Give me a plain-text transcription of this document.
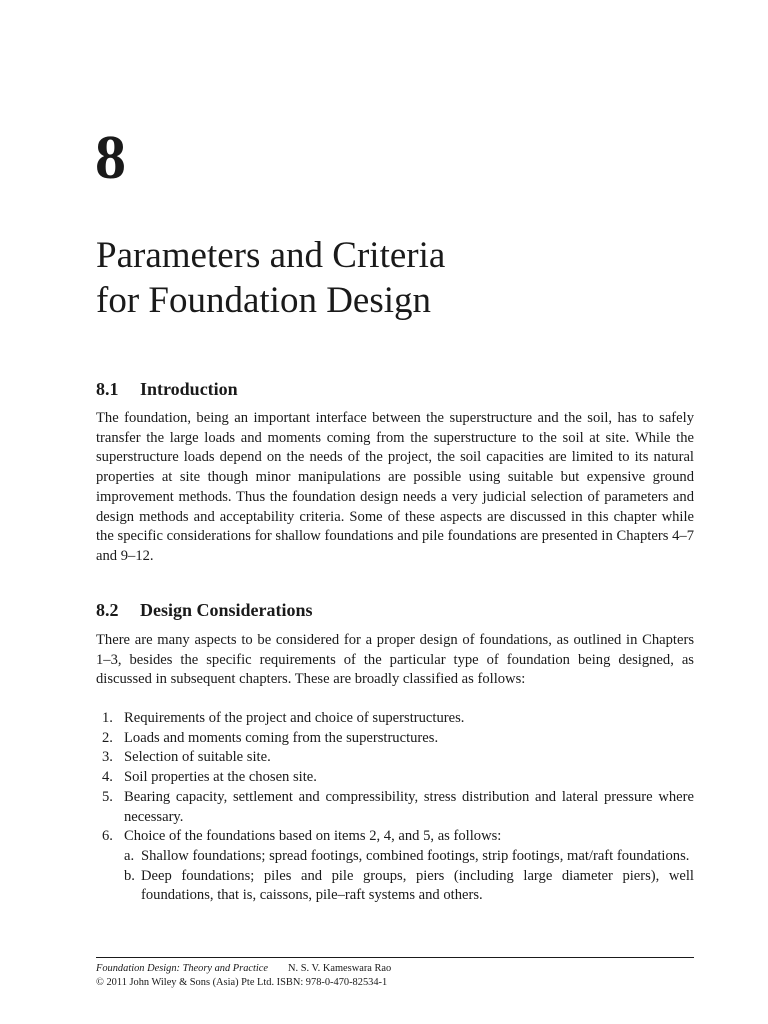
8
Parameters and Criteria
for Foundation Design
8.1 Introduction

The foundation, being an important interface between the superstructure and the soil, has to safely transfer the large loads and moments coming from the superstructure to the soil at site. While the superstructure loads depend on the needs of the project, the soil capacities are limited to its natural properties at site though minor manipulations are possible using suitable but expensive ground improvement methods. Thus the foundation design needs a very judicial selection of parameters and design methods and acceptability criteria. Some of these aspects are discussed in this chapter while the specific considerations for shallow foundations and pile foundations are presented in Chapters 4–7 and 9–12.

8.2 Design Considerations

There are many aspects to be considered for a proper design of foundations, as outlined in Chapters 1–3, besides the specific requirements of the particular type of foundation being designed, as discussed in subsequent chapters. These are broadly classified as follows:

1. Requirements of the project and choice of superstructures.
2. Loads and moments coming from the superstructures.
3. Selection of suitable site.
4. Soil properties at the chosen site.
5. Bearing capacity, settlement and compressibility, stress distribution and lateral pressure where necessary.
6. Choice of the foundations based on items 2, 4, and 5, as follows:
a. Shallow foundations; spread footings, combined footings, strip footings, mat/raft foundations.
b. Deep foundations; piles and pile groups, piers (including large diameter piers), well foundations, that is, caissons, pile–raft systems and others.
Foundation Design: Theory and Practice N. S. V. Kameswara Rao
© 2011 John Wiley & Sons (Asia) Pte Ltd. ISBN: 978-0-470-82534-1
